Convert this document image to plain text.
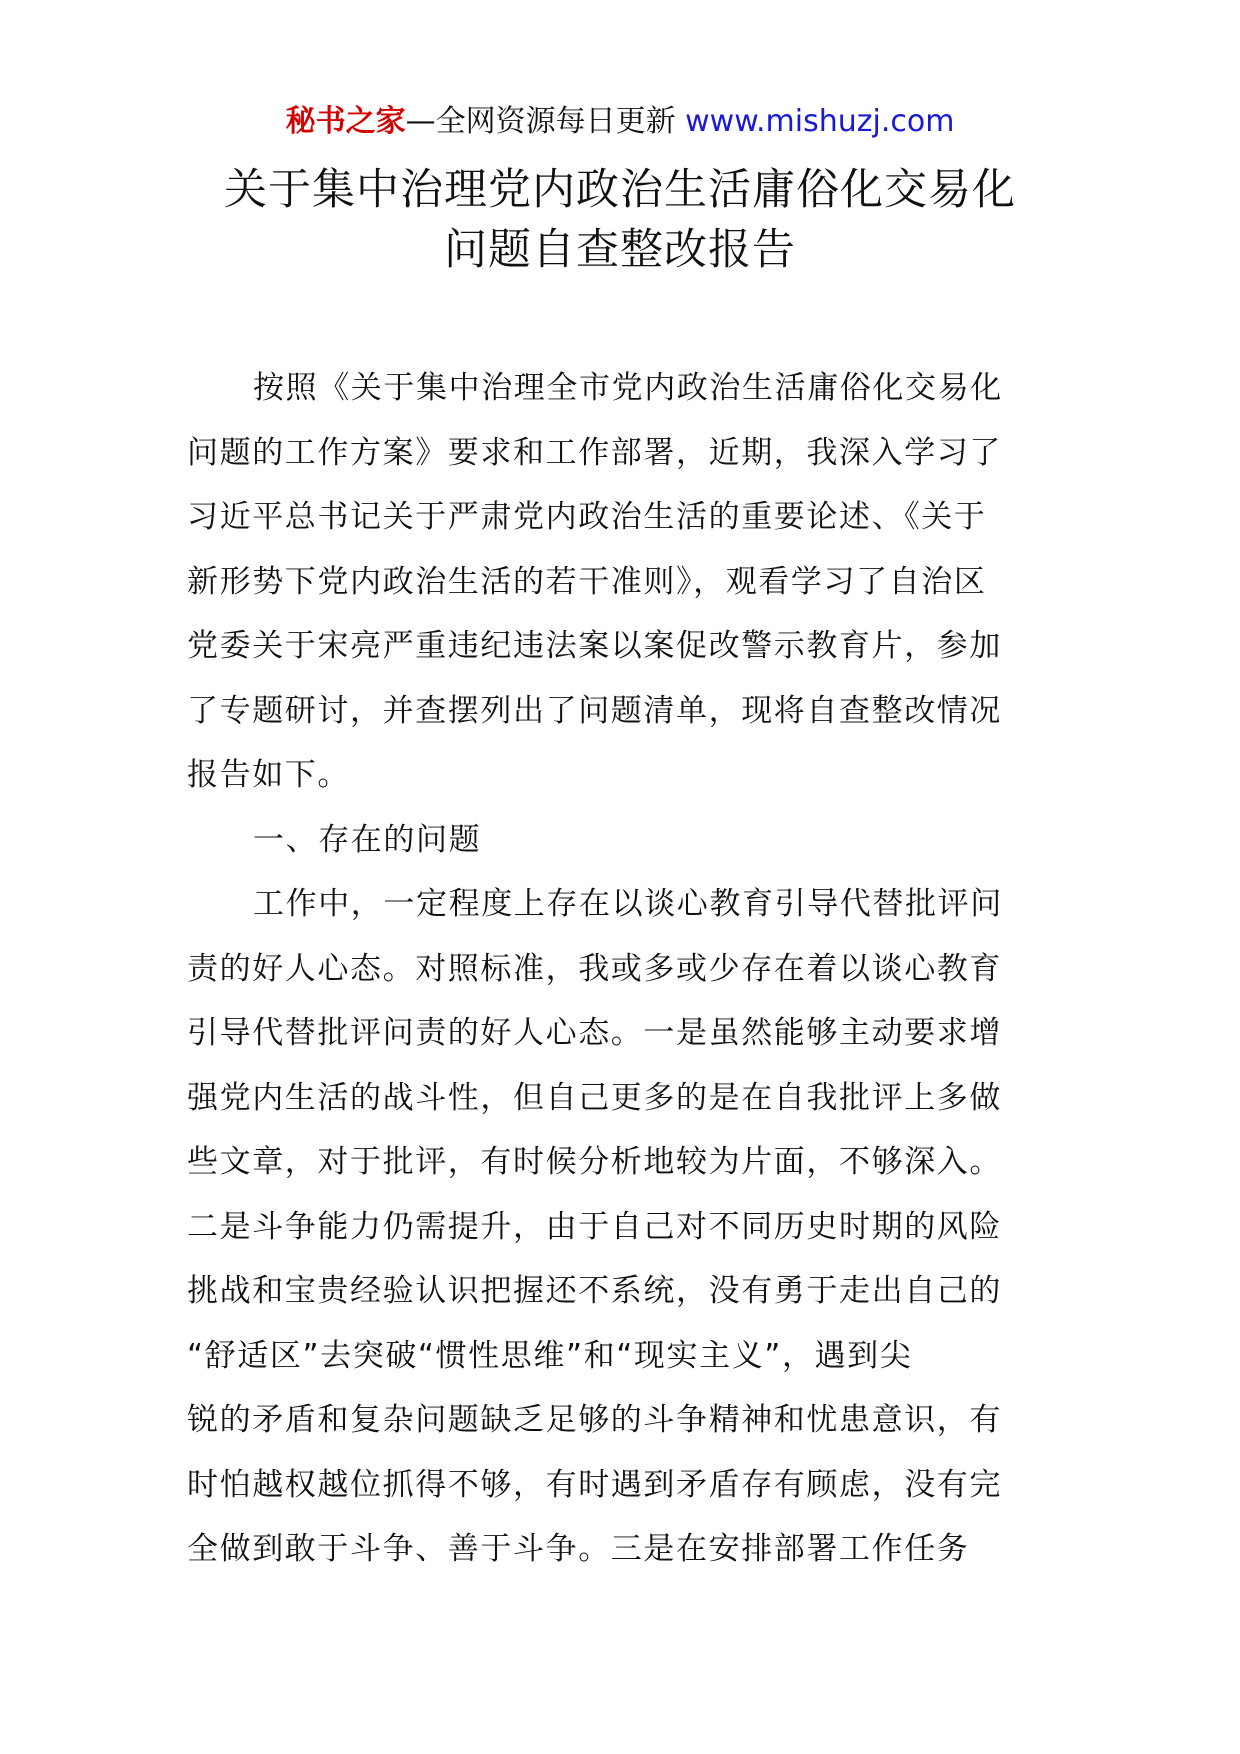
秘书之家—全网资源每日更新 www.mishuzj.com
关于集中治理党内政治生活庸俗化交易化
问题自查整改报告
按照《关于集中治理全市党内政治生活庸俗化交易化
问题的工作方案》要求和工作部署，近期，我深入学习了
习近平总书记关于严肃党内政治生活的重要论述、《关于
新形势下党内政治生活的若干准则》，观看学习了自治区
党委关于宋亮严重违纪违法案以案促改警示教育片，参加
了专题研讨，并查摆列出了问题清单，现将自查整改情况
报告如下。
一、存在的问题
工作中，一定程度上存在以谈心教育引导代替批评问
责的好人心态。对照标准，我或多或少存在着以谈心教育
引导代替批评问责的好人心态。一是虽然能够主动要求增
强党内生活的战斗性，但自己更多的是在自我批评上多做
些文章，对于批评，有时候分析地较为片面，不够深入。
二是斗争能力仍需提升，由于自己对不同历史时期的风险
挑战和宝贵经验认识把握还不系统，没有勇于走出自己的
“舒适区”去突破“惯性思维”和“现实主义”，遇到尖
锐的矛盾和复杂问题缺乏足够的斗争精神和忧患意识，有
时怕越权越位抓得不够，有时遇到矛盾存有顾虑，没有完
全做到敢于斗争、善于斗争。三是在安排部署工作任务
